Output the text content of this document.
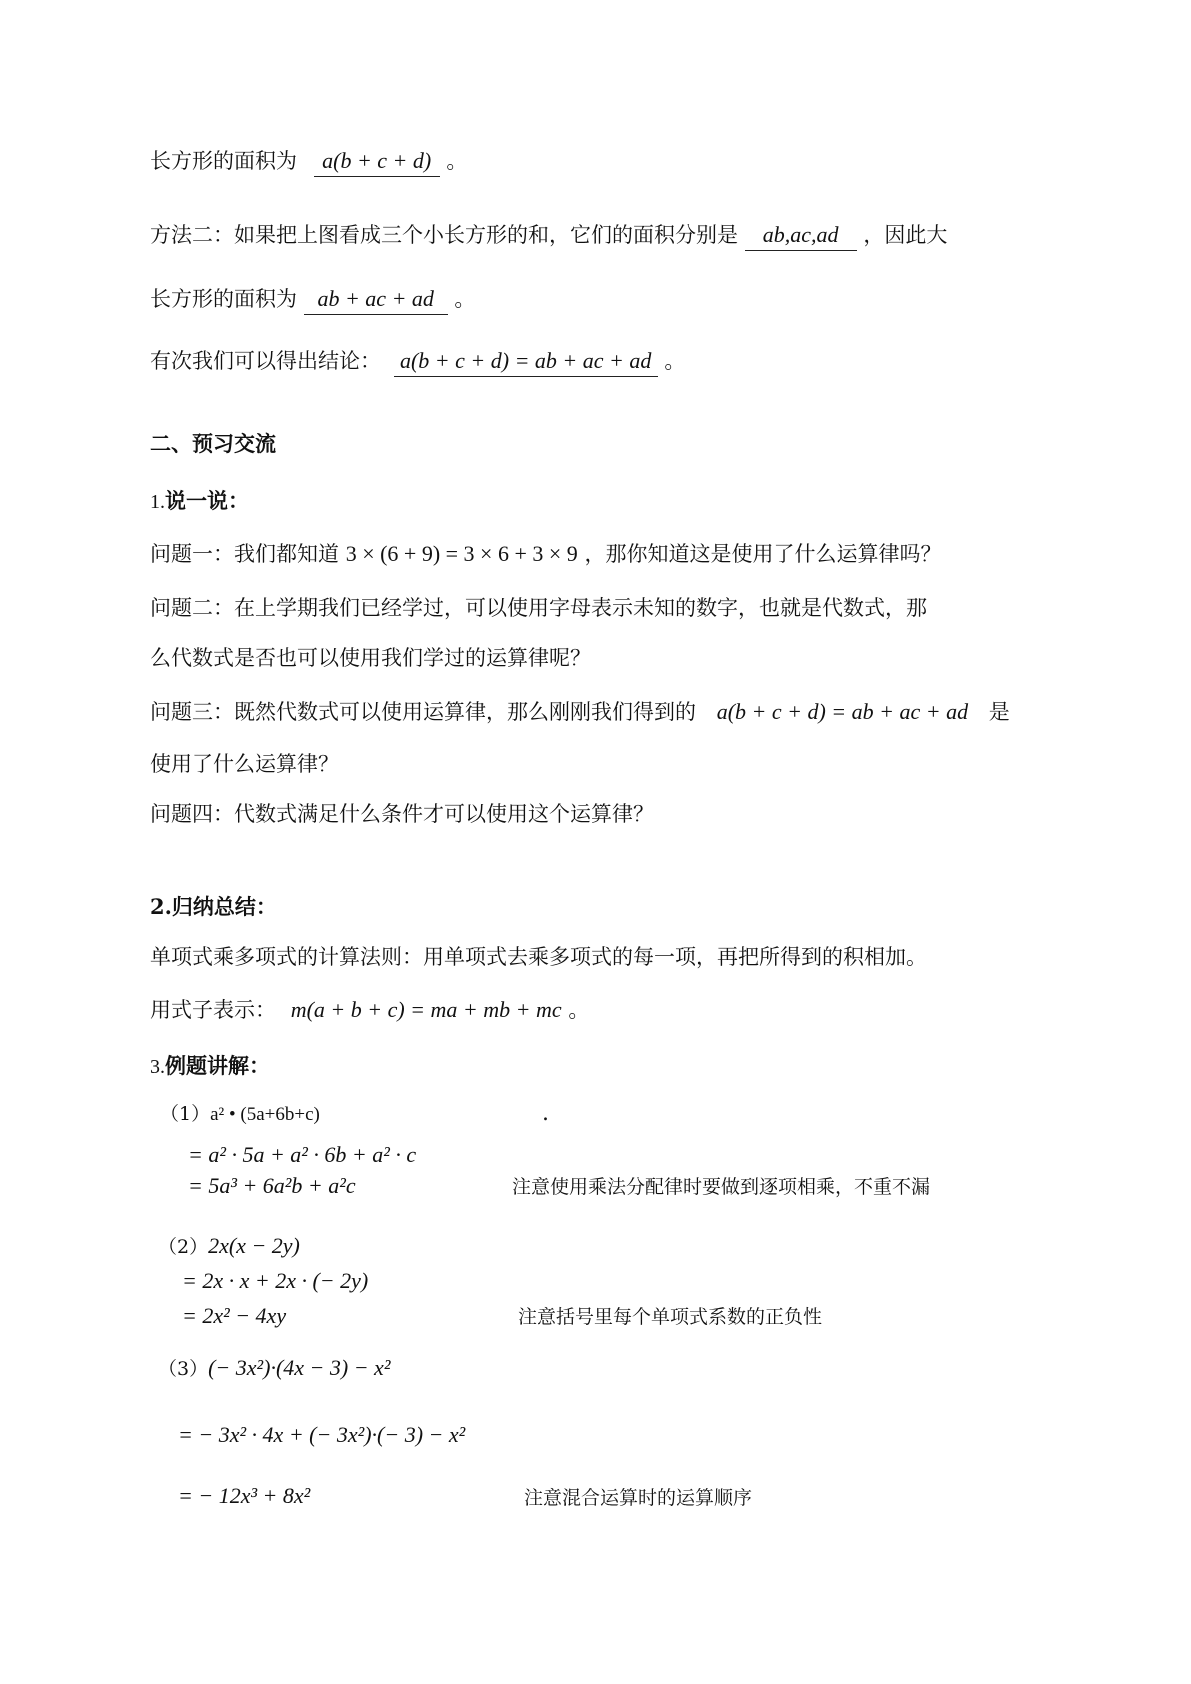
长方形的面积为 a(b + c + d) 。
方法二：如果把上图看成三个小长方形的和，它们的面积分别是 ab,ac,ad ，因此大
长方形的面积为 ab + ac + ad 。
有次我们可以得出结论： a(b + c + d) = ab + ac + ad 。
二、预习交流
1.说一说：
问题一：我们都知道 3 × (6 + 9) = 3 × 6 + 3 × 9 ，那你知道这是使用了什么运算律吗？
问题二：在上学期我们已经学过，可以使用字母表示未知的数字，也就是代数式，那
么代数式是否也可以使用我们学过的运算律呢？
问题三：既然代数式可以使用运算律，那么刚刚我们得到的 a(b + c + d) = ab + ac + ad 是
使用了什么运算律？
问题四：代数式满足什么条件才可以使用这个运算律？
2.归纳总结：
单项式乘多项式的计算法则：用单项式去乘多项式的每一项，再把所得到的积相加。
用式子表示： m(a + b + c) = ma + mb + mc 。
3.例题讲解：
（1）a² • (5a+6b+c)	.
= a² · 5a + a² · 6b + a² · c
= 5a³ + 6a²b + a²c	注意使用乘法分配律时要做到逐项相乘，不重不漏
（2）2x(x − 2y)
= 2x · x + 2x · (− 2y)
= 2x² − 4xy	注意括号里每个单项式系数的正负性
（3）(− 3x²)·(4x − 3) − x²
= − 3x² · 4x + (− 3x²)·(− 3) − x²
= − 12x³ + 8x²	注意混合运算时的运算顺序
